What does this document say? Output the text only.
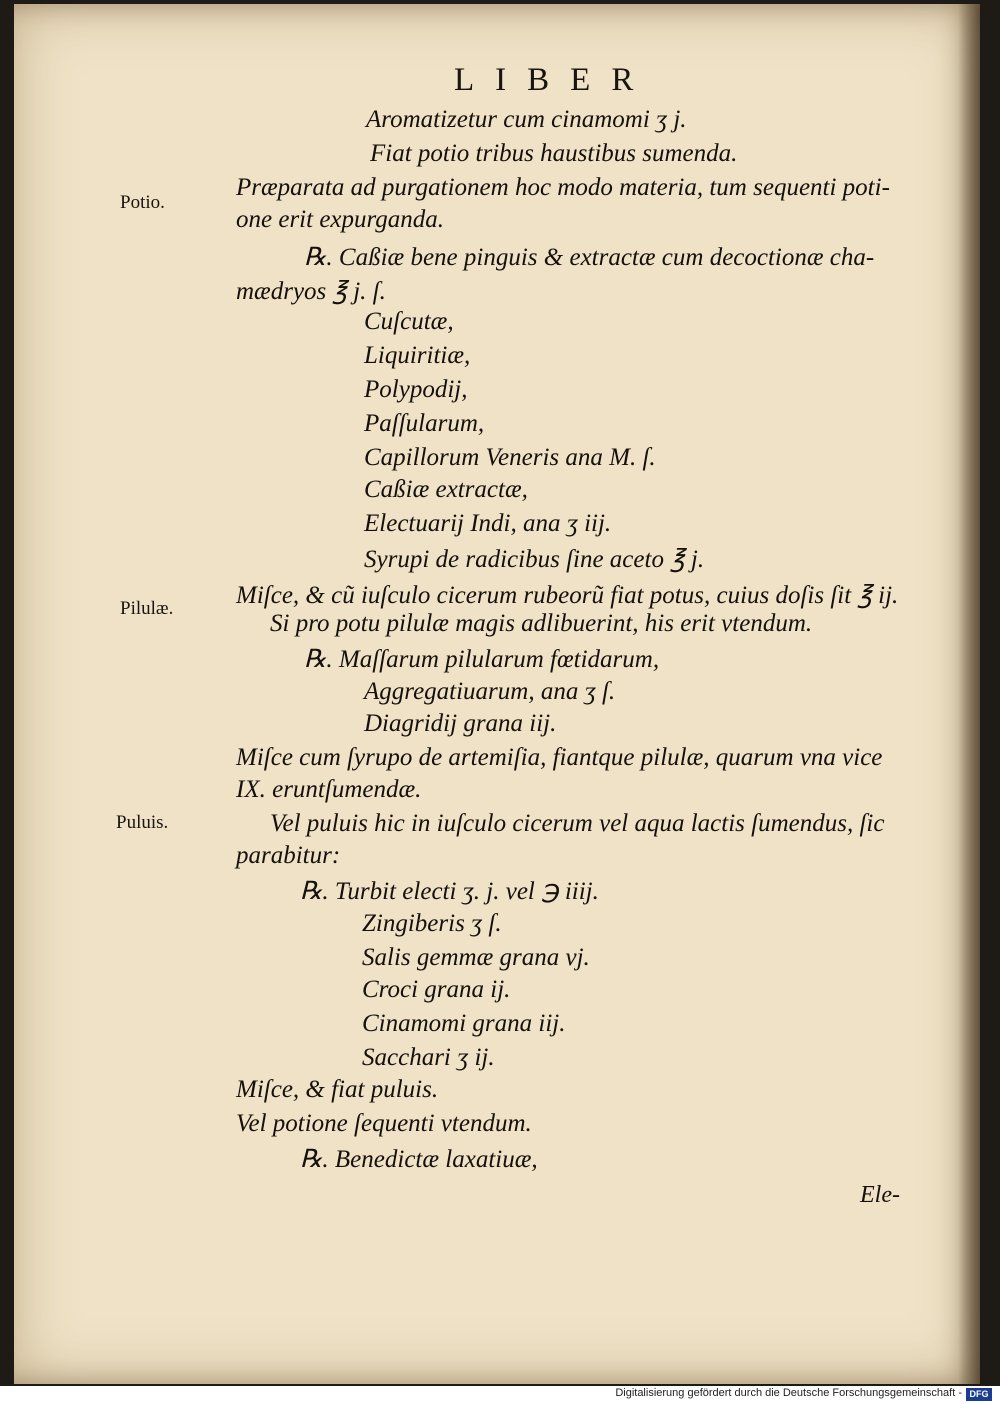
LIBER
Potio.
Pilulæ.
Puluis.
Aromatizetur cum cinamomi ʒ j.
Fiat potio tribus haustibus sumenda.
Præparata ad purgationem hoc modo materia, tum sequenti poti-
one erit expurganda.
℞. Caßiæ bene pinguis & extractæ cum decoctionæ cha-
mædryos ℥ j. ſ.
Cuſcutæ,
Liquiritiæ,
Polypodij,
Paſſularum,
Capillorum Veneris ana M. ſ.
Caßiæ extractæ,
Electuarij Indi, ana ʒ iij.
Syrupi de radicibus ſine aceto ℥ j.
Miſce, & cũ iuſculo cicerum rubeorũ fiat potus, cuius doſis ſit ℥ ij.
Si pro potu pilulæ magis adlibuerint, his erit vtendum.
℞. Maſſarum pilularum fœtidarum,
Aggregatiuarum, ana ʒ ſ.
Diagridij grana iij.
Miſce cum ſyrupo de artemiſia, fiantque pilulæ, quarum vna vice
IX. eruntſumendæ.
Vel puluis hic in iuſculo cicerum vel aqua lactis ſumendus, ſic
parabitur:
℞. Turbit electi ʒ. j. vel ℈ iiij.
Zingiberis ʒ ſ.
Salis gemmæ grana vj.
Croci grana ij.
Cinamomi grana iij.
Sacchari ʒ ij.
Miſce, & fiat puluis.
Vel potione ſequenti vtendum.
℞. Benedictæ laxatiuæ,
Ele-
Digitalisierung gefördert durch die Deutsche Forschungsgemeinschaft - DFG
